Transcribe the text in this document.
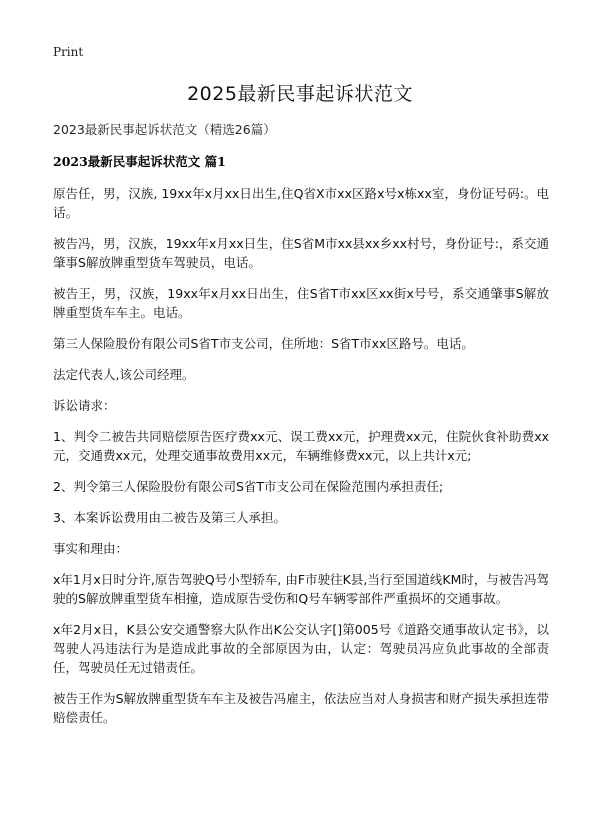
Print
2025最新民事起诉状范文
2023最新民事起诉状范文（精选26篇）
2023最新民事起诉状范文 篇1

原告任，男，汉族, 19xx年x月xx日出生,住Q省X市xx区路x号x栋xx室，身份证号码:。电话。

被告冯，男，汉族，19xx年x月xx日生，住S省M市xx县xx乡xx村号，身份证号:，系交通肇事S解放牌重型货车驾驶员，电话。

被告王，男，汉族，19xx年x月xx日出生，住S省T市xx区xx街x号号，系交通肇事S解放牌重型货车车主。电话。

第三人保险股份有限公司S省T市支公司，住所地：S省T市xx区路号。电话。

法定代表人,该公司经理。

诉讼请求：

1、判令二被告共同赔偿原告医疗费xx元、误工费xx元，护理费xx元，住院伙食补助费xx元，交通费xx元，处理交通事故费用xx元，车辆维修费xx元，以上共计x元;

2、判令第三人保险股份有限公司S省T市支公司在保险范围内承担责任;

3、本案诉讼费用由二被告及第三人承担。

事实和理由：

x年1月x日时分许,原告驾驶Q号小型轿车, 由F市驶往K县,当行至国道线KM时，与被告冯驾驶的S解放牌重型货车相撞，造成原告受伤和Q号车辆零部件严重损坏的交通事故。

x年2月x日，K县公安交通警察大队作出K公交认字[]第005号《道路交通事故认定书》，以驾驶人冯违法行为是造成此事故的全部原因为由，认定：驾驶员冯应负此事故的全部责任，驾驶员任无过错责任。

被告王作为S解放牌重型货车车主及被告冯雇主，依法应当对人身损害和财产损失承担连带赔偿责任。
